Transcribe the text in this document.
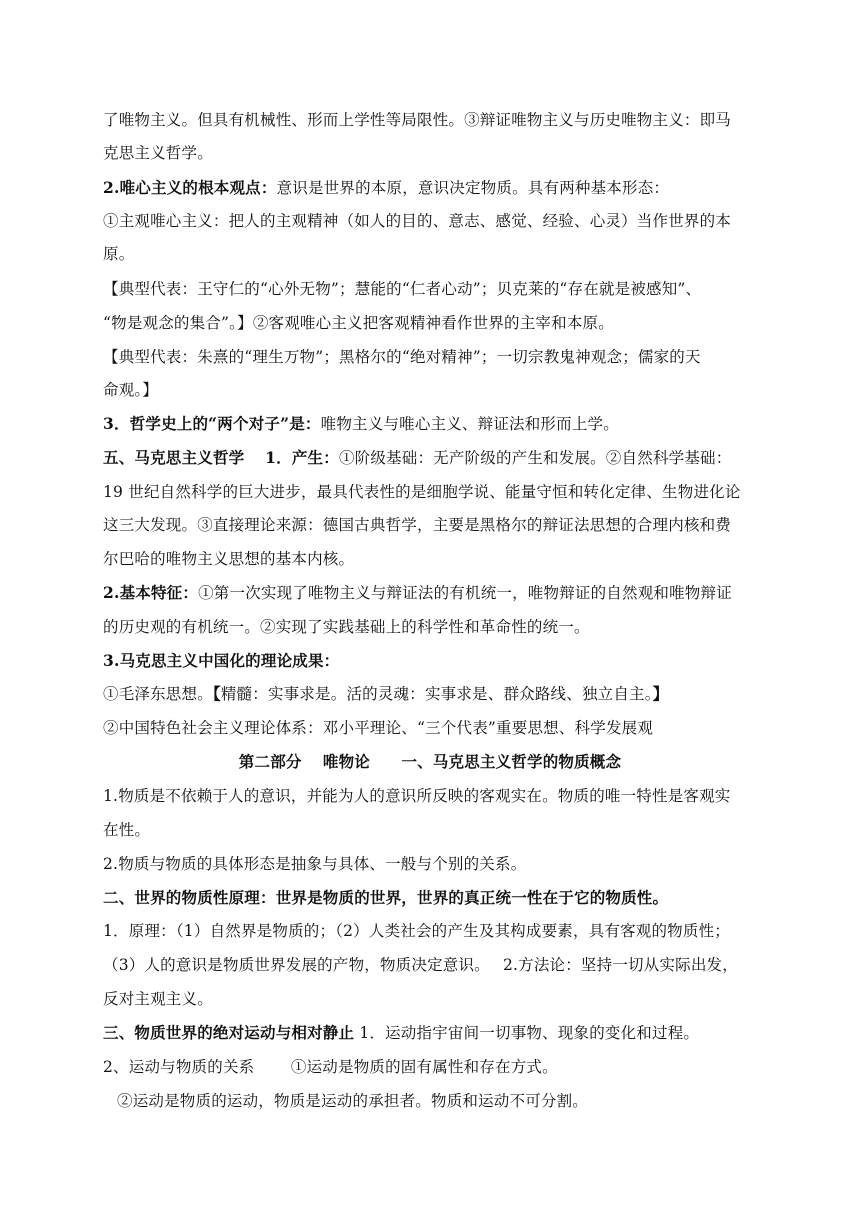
了唯物主义。但具有机械性、形而上学性等局限性。③辩证唯物主义与历史唯物主义：即马
克思主义哲学。
2.唯心主义的根本观点：意识是世界的本原，意识决定物质。具有两种基本形态：
①主观唯心主义：把人的主观精神（如人的目的、意志、感觉、经验、心灵）当作世界的本
原。
【典型代表：王守仁的“心外无物”；慧能的“仁者心动”；贝克莱的“存在就是被感知”、
“物是观念的集合”。】②客观唯心主义把客观精神看作世界的主宰和本原。
【典型代表：朱熹的“理生万物”；黑格尔的“绝对精神”；一切宗教鬼神观念；儒家的天
命观。】
3．哲学史上的“两个对子”是：唯物主义与唯心主义、辩证法和形而上学。
五、马克思主义哲学　 1．产生：①阶级基础：无产阶级的产生和发展。②自然科学基础：
19 世纪自然科学的巨大进步，最具代表性的是细胞学说、能量守恒和转化定律、生物进化论
这三大发现。③直接理论来源：德国古典哲学，主要是黑格尔的辩证法思想的合理内核和费
尔巴哈的唯物主义思想的基本内核。
2.基本特征：①第一次实现了唯物主义与辩证法的有机统一，唯物辩证的自然观和唯物辩证
的历史观的有机统一。②实现了实践基础上的科学性和革命性的统一。
3.马克思主义中国化的理论成果：
①毛泽东思想。【精髓：实事求是。活的灵魂：实事求是、群众路线、独立自主。】
②中国特色社会主义理论体系：邓小平理论、“三个代表”重要思想、科学发展观
第二部分　 唯物论　　一、马克思主义哲学的物质概念
1.物质是不依赖于人的意识，并能为人的意识所反映的客观实在。物质的唯一特性是客观实
在性。
2.物质与物质的具体形态是抽象与具体、一般与个别的关系。
二、世界的物质性原理：世界是物质的世界，世界的真正统一性在于它的物质性。
1．原理：（1）自然界是物质的；（2）人类社会的产生及其构成要素，具有客观的物质性；
（3）人的意识是物质世界发展的产物，物质决定意识。　 2.方法论：坚持一切从实际出发，
反对主观主义。
三、物质世界的绝对运动与相对静止 1．运动指宇宙间一切事物、现象的变化和过程。
2、运动与物质的关系　　 ①运动是物质的固有属性和存在方式。
②运动是物质的运动，物质是运动的承担者。物质和运动不可分割。
